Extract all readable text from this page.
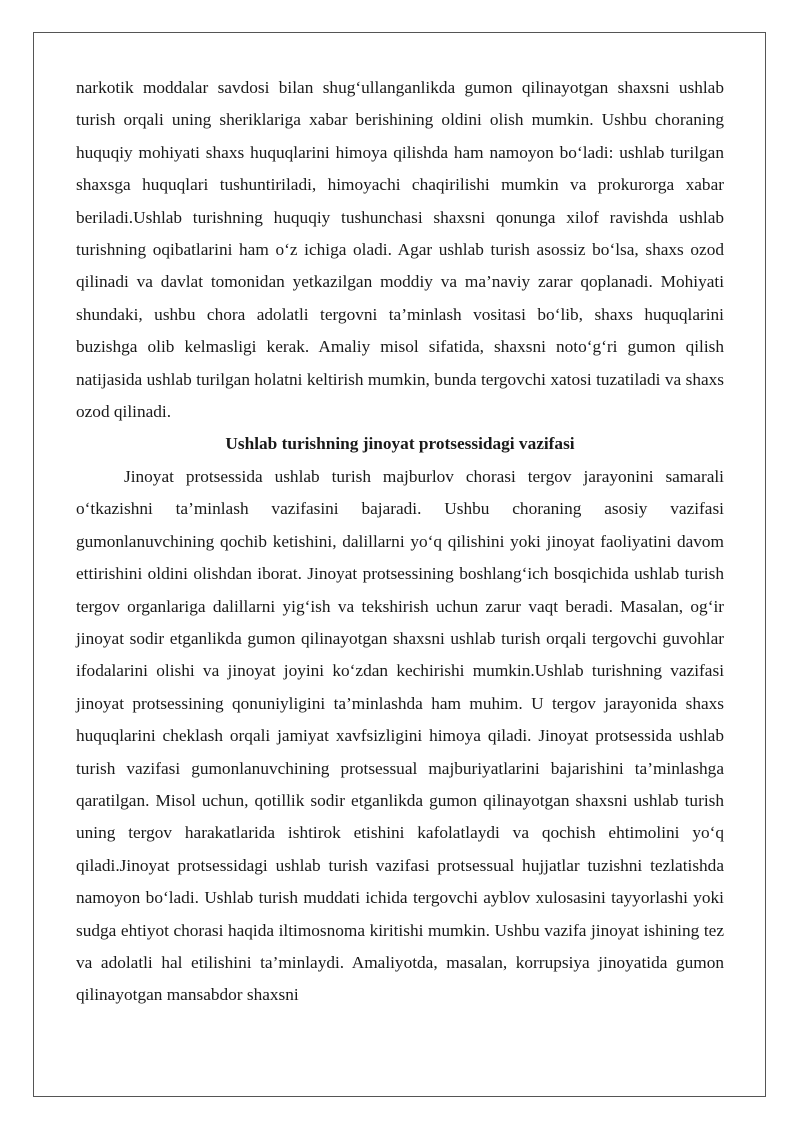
narkotik moddalar savdosi bilan shug‘ullanganlikda gumon qilinayotgan shaxsni ushlab turish orqali uning sheriklariga xabar berishining oldini olish mumkin. Ushbu choraning huquqiy mohiyati shaxs huquqlarini himoya qilishda ham namoyon bo‘ladi: ushlab turilgan shaxsga huquqlari tushuntiriladi, himoyachi chaqirilishi mumkin va prokurorga xabar beriladi.Ushlab turishning huquqiy tushunchasi shaxsni qonunga xilof ravishda ushlab turishning oqibatlarini ham o‘z ichiga oladi. Agar ushlab turish asossiz bo‘lsa, shaxs ozod qilinadi va davlat tomonidan yetkazilgan moddiy va ma’naviy zarar qoplanadi. Mohiyati shundaki, ushbu chora adolatli tergovni ta’minlash vositasi bo‘lib, shaxs huquqlarini buzishga olib kelmasligi kerak. Amaliy misol sifatida, shaxsni noto‘g‘ri gumon qilish natijasida ushlab turilgan holatni keltirish mumkin, bunda tergovchi xatosi tuzatiladi va shaxs ozod qilinadi.

Ushlab turishning jinoyat protsessidagi vazifasi

Jinoyat protsessida ushlab turish majburlov chorasi tergov jarayonini samarali o‘tkazishni ta’minlash vazifasini bajaradi. Ushbu choraning asosiy vazifasi gumonlanuvchining qochib ketishini, dalillarni yo‘q qilishini yoki jinoyat faoliyatini davom ettirishini oldini olishdan iborat. Jinoyat protsessining boshlang‘ich bosqichida ushlab turish tergov organlariga dalillarni yig‘ish va tekshirish uchun zarur vaqt beradi. Masalan, og‘ir jinoyat sodir etganlikda gumon qilinayotgan shaxsni ushlab turish orqali tergovchi guvohlar ifodalarini olishi va jinoyat joyini ko‘zdan kechirishi mumkin.Ushlab turishning vazifasi jinoyat protsessining qonuniyligini ta’minlashda ham muhim. U tergov jarayonida shaxs huquqlarini cheklash orqali jamiyat xavfsizligini himoya qiladi. Jinoyat protsessida ushlab turish vazifasi gumonlanuvchining protsessual majburiyatlarini bajarishini ta’minlashga qaratilgan. Misol uchun, qotillik sodir etganlikda gumon qilinayotgan shaxsni ushlab turish uning tergov harakatlarida ishtirok etishini kafolatlaydi va qochish ehtimolini yo‘q qiladi.Jinoyat protsessidagi ushlab turish vazifasi protsessual hujjatlar tuzishni tezlatishda namoyon bo‘ladi. Ushlab turish muddati ichida tergovchi ayblov xulosasini tayyorlashi yoki sudga ehtiyot chorasi haqida iltimosnoma kiritishi mumkin. Ushbu vazifa jinoyat ishining tez va adolatli hal etilishini ta’minlaydi. Amaliyotda, masalan, korrupsiya jinoyatida gumon qilinayotgan mansabdor shaxsni
